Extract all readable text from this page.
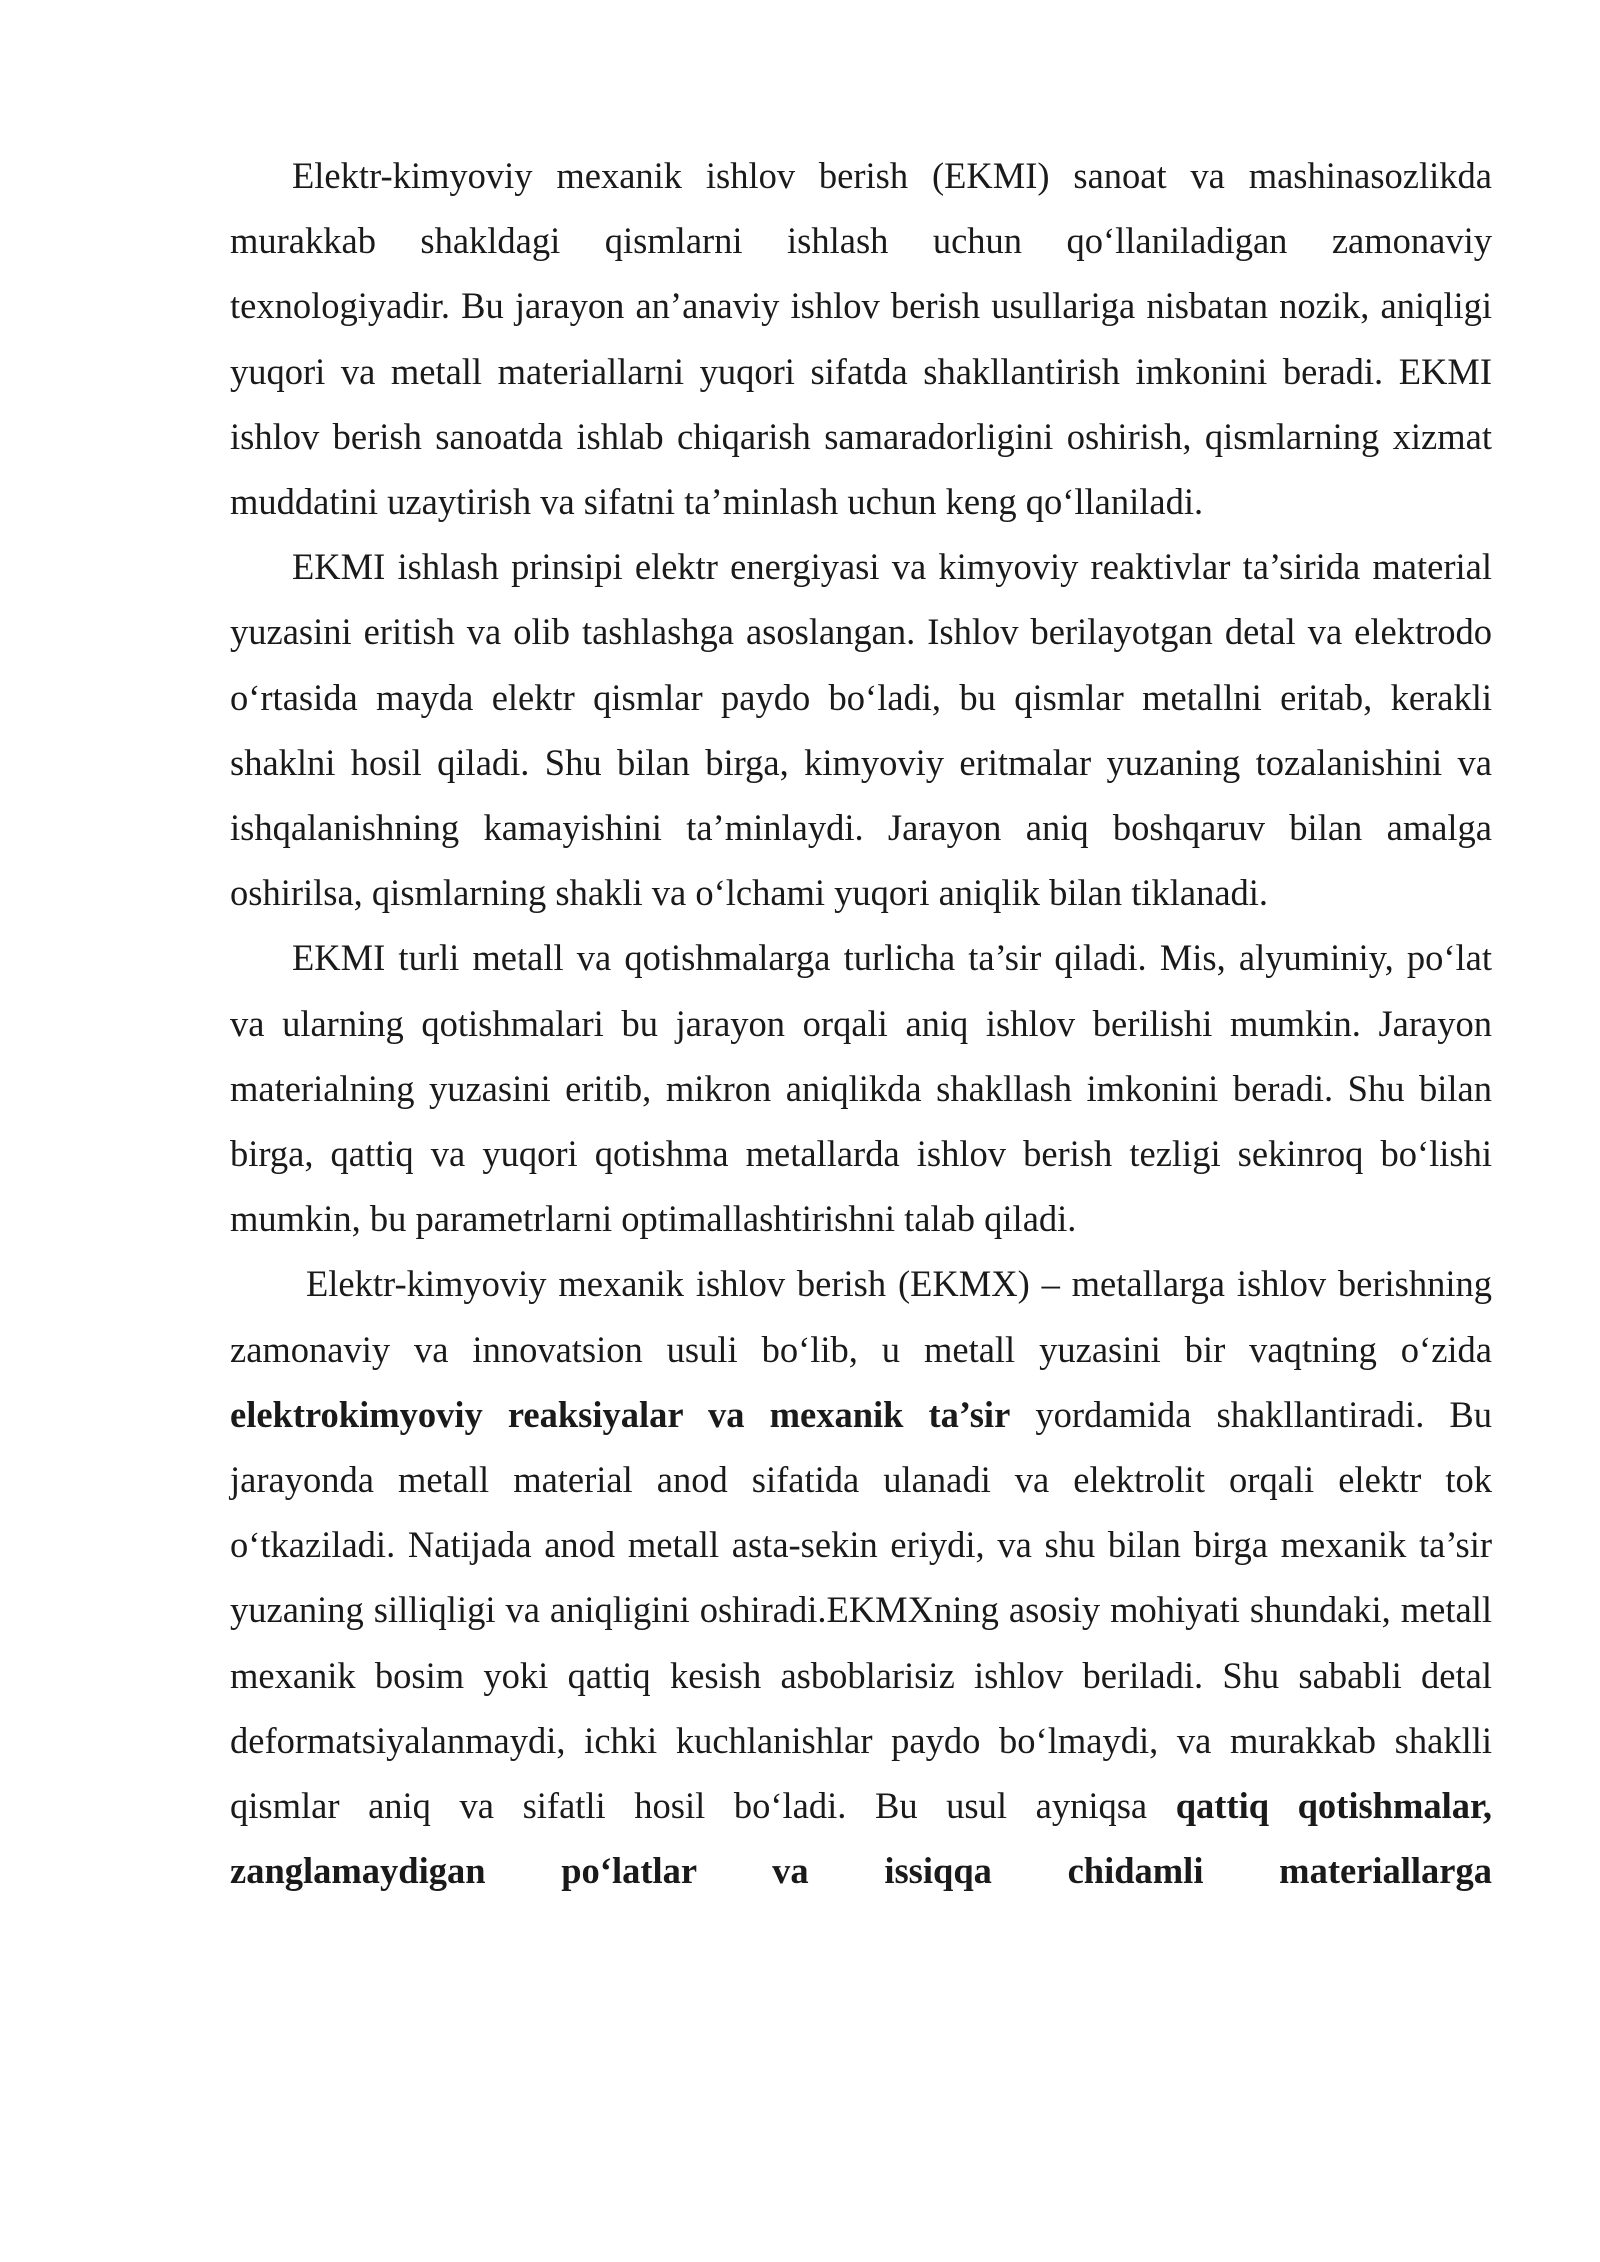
Elektr-kimyoviy mexanik ishlov berish (EKMI) sanoat va mashinasozlikda murakkab shakldagi qismlarni ishlash uchun qo‘llaniladigan zamonaviy texnologiyadir. Bu jarayon an’anaviy ishlov berish usullariga nisbatan nozik, aniqligi yuqori va metall materiallarni yuqori sifatda shakllantirish imkonini beradi. EKMI ishlov berish sanoatda ishlab chiqarish samaradorligini oshirish, qismlarning xizmat muddatini uzaytirish va sifatni ta’minlash uchun keng qo‘llaniladi.

EKMI ishlash prinsipi elektr energiyasi va kimyoviy reaktivlar ta’sirida material yuzasini eritish va olib tashlashga asoslangan. Ishlov berilayotgan detal va elektrodo o‘rtasida mayda elektr qismlar paydo bo‘ladi, bu qismlar metallni eritab, kerakli shaklni hosil qiladi. Shu bilan birga, kimyoviy eritmalar yuzaning tozalanishini va ishqalanishning kamayishini ta’minlaydi. Jarayon aniq boshqaruv bilan amalga oshirilsa, qismlarning shakli va o‘lchami yuqori aniqlik bilan tiklanadi.

EKMI turli metall va qotishmalarga turlicha ta’sir qiladi. Mis, alyuminiy, po‘lat va ularning qotishmalari bu jarayon orqali aniq ishlov berilishi mumkin. Jarayon materialning yuzasini eritib, mikron aniqlikda shakllash imkonini beradi. Shu bilan birga, qattiq va yuqori qotishma metallarda ishlov berish tezligi sekinroq bo‘lishi mumkin, bu parametrlarni optimallashtirishni talab qiladi.

Elektr-kimyoviy mexanik ishlov berish (EKMX) – metallarga ishlov berishning zamonaviy va innovatsion usuli bo‘lib, u metall yuzasini bir vaqtning o‘zida elektrokimyoviy reaksiyalar va mexanik ta’sir yordamida shakllantiradi. Bu jarayonda metall material anod sifatida ulanadi va elektrolit orqali elektr tok o‘tkaziladi. Natijada anod metall asta-sekin eriydi, va shu bilan birga mexanik ta’sir yuzaning silliqligi va aniqligini oshiradi.EKMXning asosiy mohiyati shundaki, metall mexanik bosim yoki qattiq kesish asboblarisiz ishlov beriladi. Shu sababli detal deformatsiyalanmaydi, ichki kuchlanishlar paydo bo‘lmaydi, va murakkab shaklli qismlar aniq va sifatli hosil bo‘ladi. Bu usul ayniqsa qattiq qotishmalar, zanglamaydigan po‘latlar va issiqqa chidamli materiallarga
